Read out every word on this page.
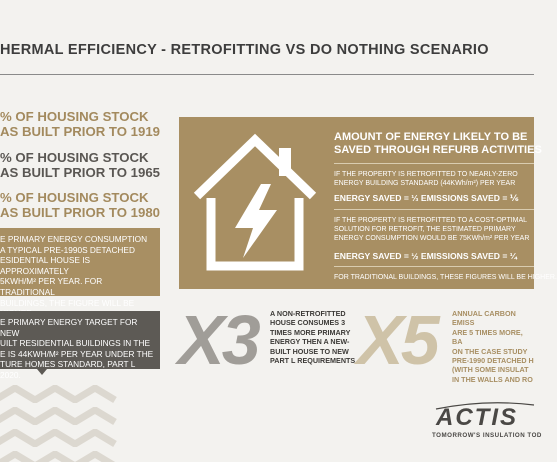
HERMAL EFFICIENCY - RETROFITTING VS DO NOTHING SCENARIO
% OF HOUSING STOCK
AS BUILT PRIOR TO 1919
% OF HOUSING STOCK
AS BUILT PRIOR TO 1965
% OF HOUSING STOCK
AS BUILT PRIOR TO 1980
E PRIMARY ENERGY CONSUMPTION
A TYPICAL PRE-1990S DETACHED
ESIDENTIAL HOUSE IS APPROXIMATELY
5KWH/M² PER YEAR. FOR TRADITIONAL
BUILDINGS, THE FIGURE WILL BE
E PRIMARY ENERGY TARGET FOR NEW
UILT RESIDENTIAL BUILDINGS IN THE
E IS 44KWH/M² PER YEAR UNDER THE
TURE HOMES STANDARD, PART L 2020.
AMOUNT OF ENERGY LIKELY TO BE
SAVED THROUGH REFURB ACTIVITIES
IF THE PROPERTY IS RETROFITTED TO NEARLY-ZERO
ENERGY BUILDING STANDARD (44KWh/m²) PER YEAR
ENERGY SAVED = ⅓ EMISSIONS SAVED = ⅙
IF THE PROPERTY IS RETROFITTED TO A COST-OPTIMAL
SOLUTION FOR RETROFIT, THE ESTIMATED PRIMARY
ENERGY CONSUMPTION WOULD BE 75KWh/m² PER YEAR
ENERGY SAVED = ½ EMISSIONS SAVED = ¼
FOR TRADITIONAL BUILDINGS, THESE FIGURES WILL BE HIGHER.
X3 A NON-RETROFITTED
HOUSE CONSUMES 3
TIMES MORE PRIMARY
ENERGY THEN A NEW-
BUILT HOUSE TO NEW
PART L REQUIREMENTS. X5 ANNUAL CARBON EMISS
ARE 5 TIMES MORE, BA
ON THE CASE STUDY
PRE-1990 DETACHED H
(WITH SOME INSULAT
IN THE WALLS AND RO
ACTIS
TOMORROW'S INSULATION TOD
